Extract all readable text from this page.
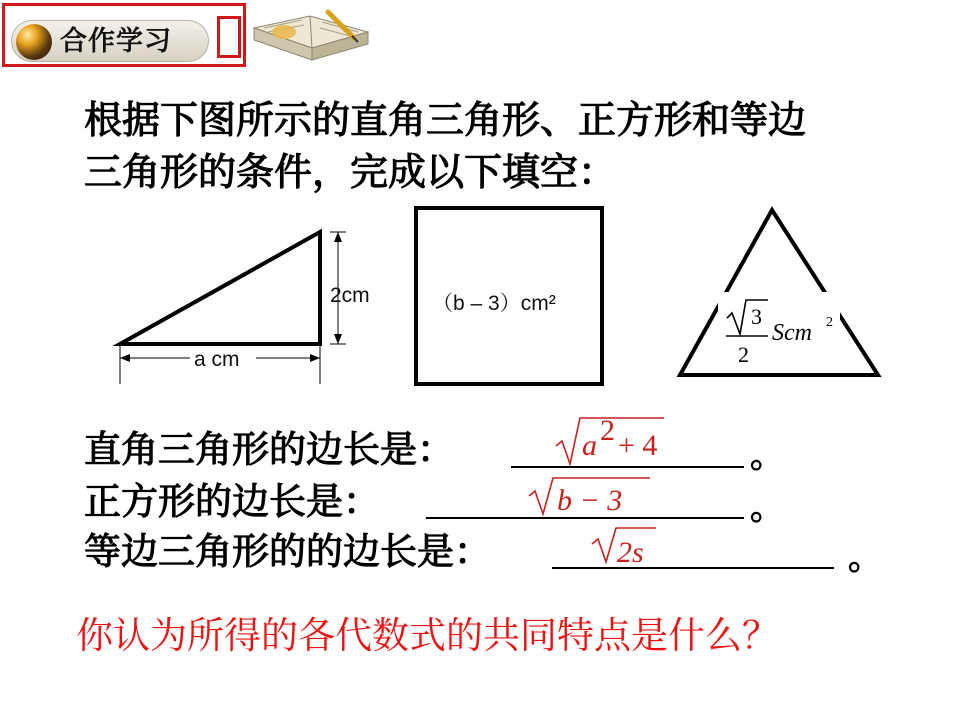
合作学习

根据下图所示的直角三角形、正方形和等边
三角形的条件，完成以下填空：

2cm
a cm
（b – 3）cm²
3
2
Scm 2

直角三角形的边长是：	。

正方形的边长是：	。

等边三角形的的边长是：	。
a 2 + 4
b − 3
2s

你认为所得的各代数式的共同特点是什么？
